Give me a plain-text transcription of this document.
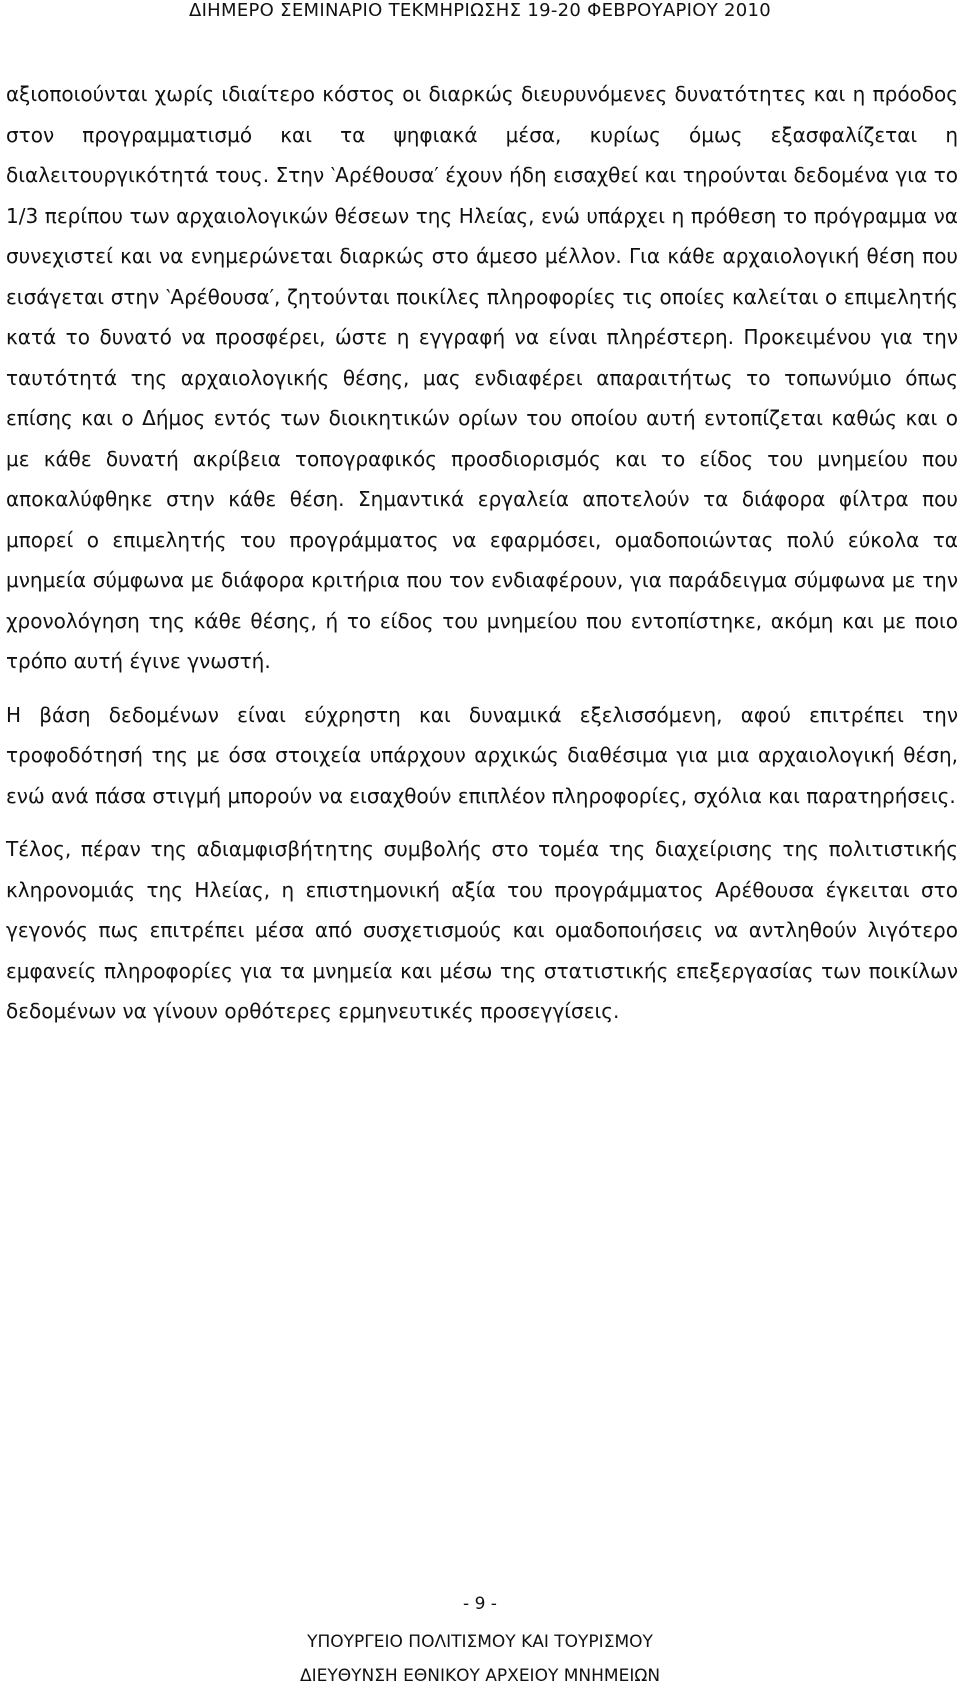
ΔΙΗΜΕΡΟ ΣΕΜΙΝΑΡΙΟ ΤΕΚΜΗΡΙΩΣΗΣ 19-20 ΦΕΒΡΟΥΑΡΙΟΥ 2010

αξιοποιούνται χωρίς ιδιαίτερο κόστος οι διαρκώς διευρυνόμενες δυνατότητες και η πρόοδος στον προγραμματισμό και τα ψηφιακά μέσα, κυρίως όμως εξασφαλίζεται η διαλειτουργικότητά τους. Στην ‵Αρέθουσα′ έχουν ήδη εισαχθεί και τηρούνται δεδομένα για το 1/3 περίπου των αρχαιολογικών θέσεων της Ηλείας, ενώ υπάρχει η πρόθεση το πρόγραμμα να συνεχιστεί και να ενημερώνεται διαρκώς στο άμεσο μέλλον. Για κάθε αρχαιολογική θέση που εισάγεται στην ‵Αρέθουσα′, ζητούνται ποικίλες πληροφορίες τις οποίες καλείται ο επιμελητής κατά το δυνατό να προσφέρει, ώστε η εγγραφή να είναι πληρέστερη. Προκειμένου για την ταυτότητά της αρχαιολογικής θέσης, μας ενδιαφέρει απαραιτήτως το τοπωνύμιο όπως επίσης και ο Δήμος εντός των διοικητικών ορίων του οποίου αυτή εντοπίζεται καθώς και ο με κάθε δυνατή ακρίβεια τοπογραφικός προσδιορισμός και το είδος του μνημείου που αποκαλύφθηκε στην κάθε θέση. Σημαντικά εργαλεία αποτελούν τα διάφορα φίλτρα που μπορεί ο επιμελητής του προγράμματος να εφαρμόσει, ομαδοποιώντας πολύ εύκολα τα μνημεία σύμφωνα με διάφορα κριτήρια που τον ενδιαφέρουν, για παράδειγμα σύμφωνα με την χρονολόγηση της κάθε θέσης, ή το είδος του μνημείου που εντοπίστηκε, ακόμη και με ποιο τρόπο αυτή έγινε γνωστή.

Η βάση δεδομένων είναι εύχρηστη και δυναμικά εξελισσόμενη, αφού επιτρέπει την τροφοδότησή της με όσα στοιχεία υπάρχουν αρχικώς διαθέσιμα για μια αρχαιολογική θέση, ενώ ανά πάσα στιγμή μπορούν να εισαχθούν επιπλέον πληροφορίες, σχόλια και παρατηρήσεις.

Τέλος, πέραν της αδιαμφισβήτητης συμβολής στο τομέα της διαχείρισης της πολιτιστικής κληρονομιάς της Ηλείας, η επιστημονική αξία του προγράμματος Αρέθουσα έγκειται στο γεγονός πως επιτρέπει μέσα από συσχετισμούς και ομαδοποιήσεις να αντληθούν λιγότερο εμφανείς πληροφορίες για τα μνημεία και μέσω της στατιστικής επεξεργασίας των ποικίλων δεδομένων να γίνουν ορθότερες ερμηνευτικές προσεγγίσεις.

- 9 -
ΥΠΟΥΡΓΕΙΟ ΠΟΛΙΤΙΣΜΟΥ ΚΑΙ ΤΟΥΡΙΣΜΟΥ
ΔΙΕΥΘΥΝΣΗ ΕΘΝΙΚΟΥ ΑΡΧΕΙΟΥ ΜΝΗΜΕΙΩΝ
